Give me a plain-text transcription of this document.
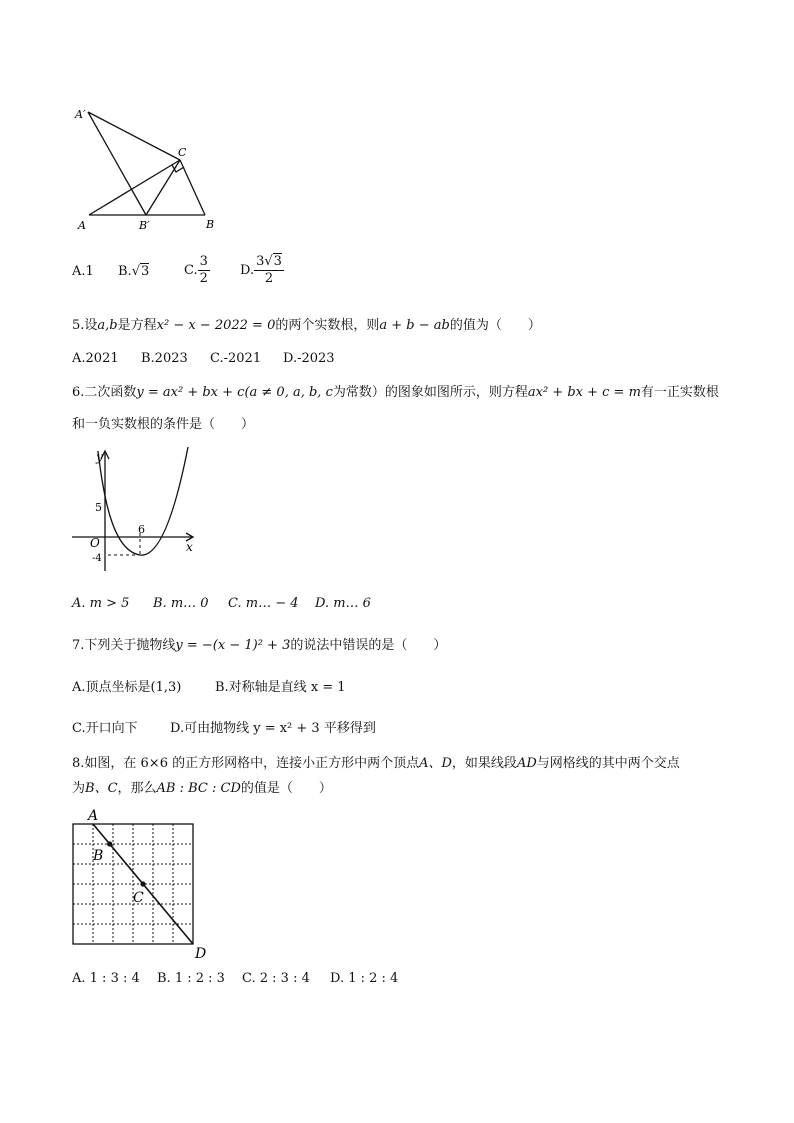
A′
C
A	B′	B
A.1 B.√3	C. $\frac{3}{2} D$. $\frac{3√3}{2}$
5.设a,b是方程x² − x − 2022 = 0的两个实数根，则a + b − ab的值为（　　）
A.2021 B.2023 C.-2021 D.-2023
6.二次函数y = ax² + bx + c(a ≠ 0, a, b, c为常数）的图象如图所示，则方程ax² + bx + c = m有一正实数根
和一负实数根的条件是（　　）
y
x
O
5
6
-4
A. m > 5 B. m… 0 C. m… − 4 D. m… 6
7.下列关于抛物线y = −(x − 1)² + 3的说法中错误的是（　　）
A.顶点坐标是(1,3)	B.对称轴是直线 x = 1
C.开口向下 D.可由抛物线 y = x² + 3 平移得到
8.如图，在 6×6 的正方形网格中，连接小正方形中两个顶点A、D，如果线段AD与网格线的其中两个交点
为B、C，那么AB : BC : CD的值是（　　）
A
B
C
D
A. 1 : 3 : 4 B. 1 : 2 : 3 C. 2 : 3 : 4 D. 1 : 2 : 4
